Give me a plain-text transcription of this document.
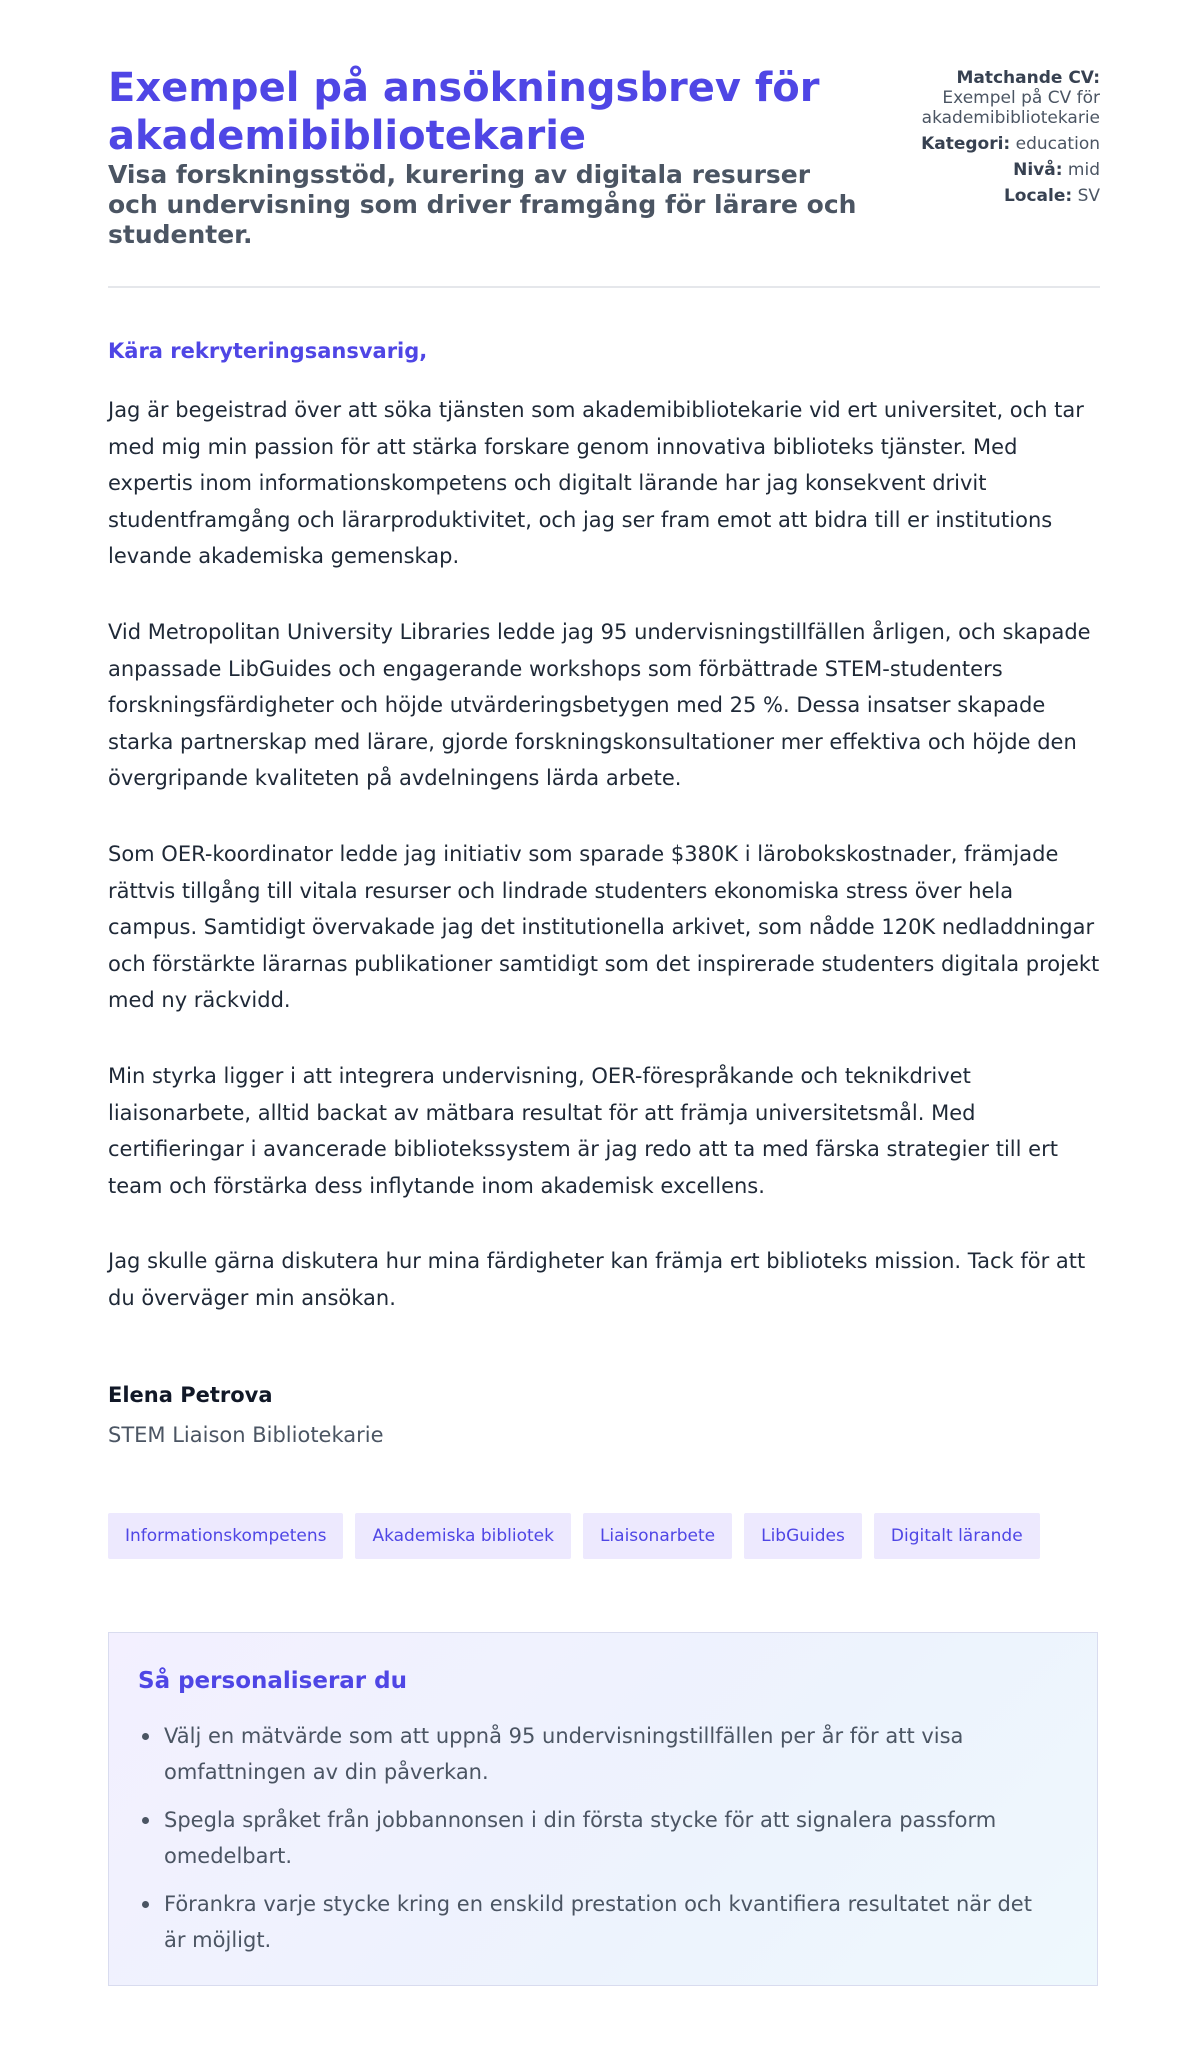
Exempel på ansökningsbrev för akademibibliotekarie
Visa forskningsstöd, kurering av digitala resurser och undervisning som driver framgång för lärare och studenter.
Matchande CV:
Exempel på CV för akademibibliotekarie
Kategori: education
Nivå: mid
Locale: SV

Kära rekryteringsansvarig,

Jag är begeistrad över att söka tjänsten som akademibibliotekarie vid ert universitet, och tar med mig min passion för att stärka forskare genom innovativa biblioteks tjänster. Med expertis inom informationskompetens och digitalt lärande har jag konsekvent drivit studentframgång och lärarproduktivitet, och jag ser fram emot att bidra till er institutions levande akademiska gemenskap.

Vid Metropolitan University Libraries ledde jag 95 undervisningstillfällen årligen, och skapade anpassade LibGuides och engagerande workshops som förbättrade STEM-studenters forskningsfärdigheter och höjde utvärderingsbetygen med 25 %. Dessa insatser skapade starka partnerskap med lärare, gjorde forskningskonsultationer mer effektiva och höjde den övergripande kvaliteten på avdelningens lärda arbete.

Som OER-koordinator ledde jag initiativ som sparade $380K i lärobokskostnader, främjade rättvis tillgång till vitala resurser och lindrade studenters ekonomiska stress över hela campus. Samtidigt övervakade jag det institutionella arkivet, som nådde 120K nedladdningar och förstärkte lärarnas publikationer samtidigt som det inspirerade studenters digitala projekt med ny räckvidd.

Min styrka ligger i att integrera undervisning, OER-förespråkande och teknikdrivet liaisonarbete, alltid backat av mätbara resultat för att främja universitetsmål. Med certifieringar i avancerade bibliotekssystem är jag redo att ta med färska strategier till ert team och förstärka dess inflytande inom akademisk excellens.

Jag skulle gärna diskutera hur mina färdigheter kan främja ert biblioteks mission. Tack för att du överväger min ansökan.

Elena Petrova

STEM Liaison Bibliotekarie

Informationskompetens	Akademiska bibliotek	Liaisonarbete	LibGuides	Digitalt lärande
Så personaliserar du
Välj en mätvärde som att uppnå 95 undervisningstillfällen per år för att visa omfattningen av din påverkan.
Spegla språket från jobbannonsen i din första stycke för att signalera passform omedelbart.
Förankra varje stycke kring en enskild prestation och kvantifiera resultatet när det är möjligt.
